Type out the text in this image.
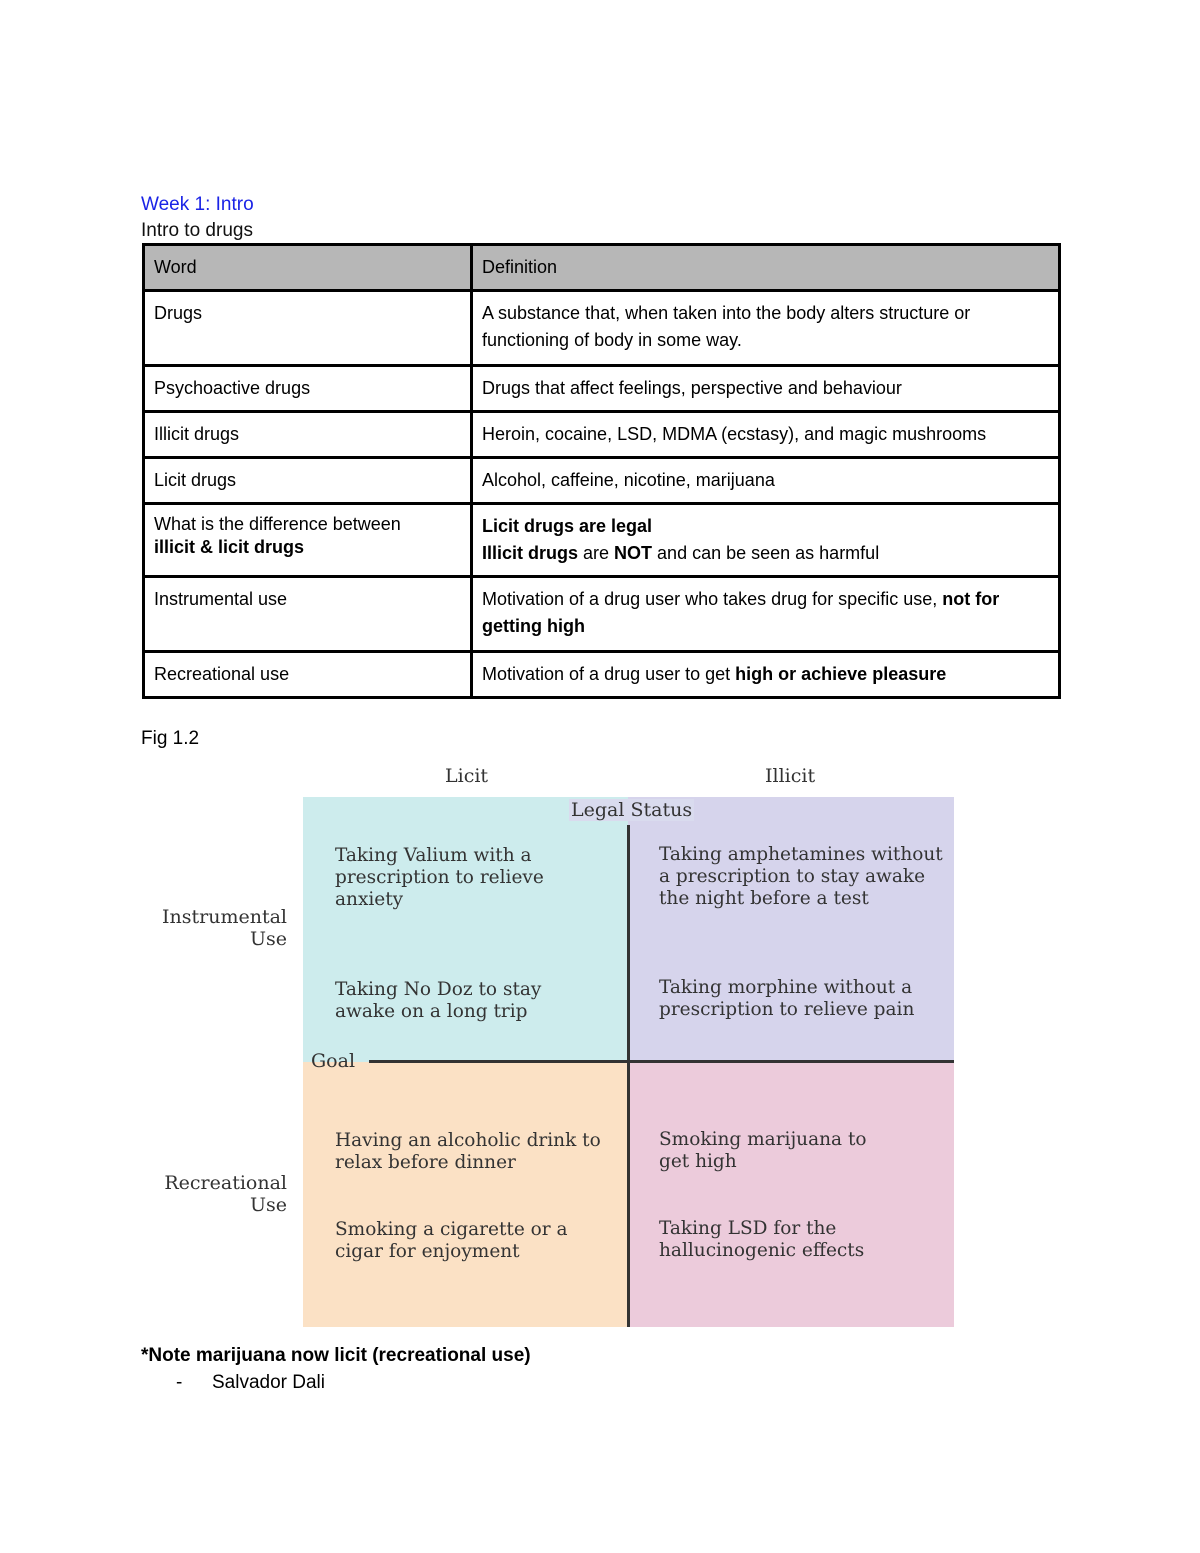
Week 1: Intro
Intro to drugs
Word	Definition
Drugs	A substance that, when taken into the body alters structure or functioning of body in some way.
Psychoactive drugs	Drugs that affect feelings, perspective and behaviour
Illicit drugs	Heroin, cocaine, LSD, MDMA (ecstasy), and magic mushrooms
Licit drugs	Alcohol, caffeine, nicotine, marijuana
What is the difference between
illicit & licit drugs	Licit drugs are legal
Illicit drugs are NOT and can be seen as harmful
Instrumental use	Motivation of a drug user who takes drug for specific use, not for getting high
Recreational use	Motivation of a drug user to get high or achieve pleasure
Fig 1.2
Licit	Illicit
Legal Status
Goal
Instrumental
Use
Recreational
Use
Taking Valium with a prescription to relieve anxiety
Taking No Doz to stay awake on a long trip
Taking amphetamines without a prescription to stay awake the night before a test
Taking morphine without a prescription to relieve pain
Having an alcoholic drink to relax before dinner
Smoking a cigarette or a cigar for enjoyment
Smoking marijuana to get high
Taking LSD for the hallucinogenic effects
*Note marijuana now licit (recreational use)
- Salvador Dali
